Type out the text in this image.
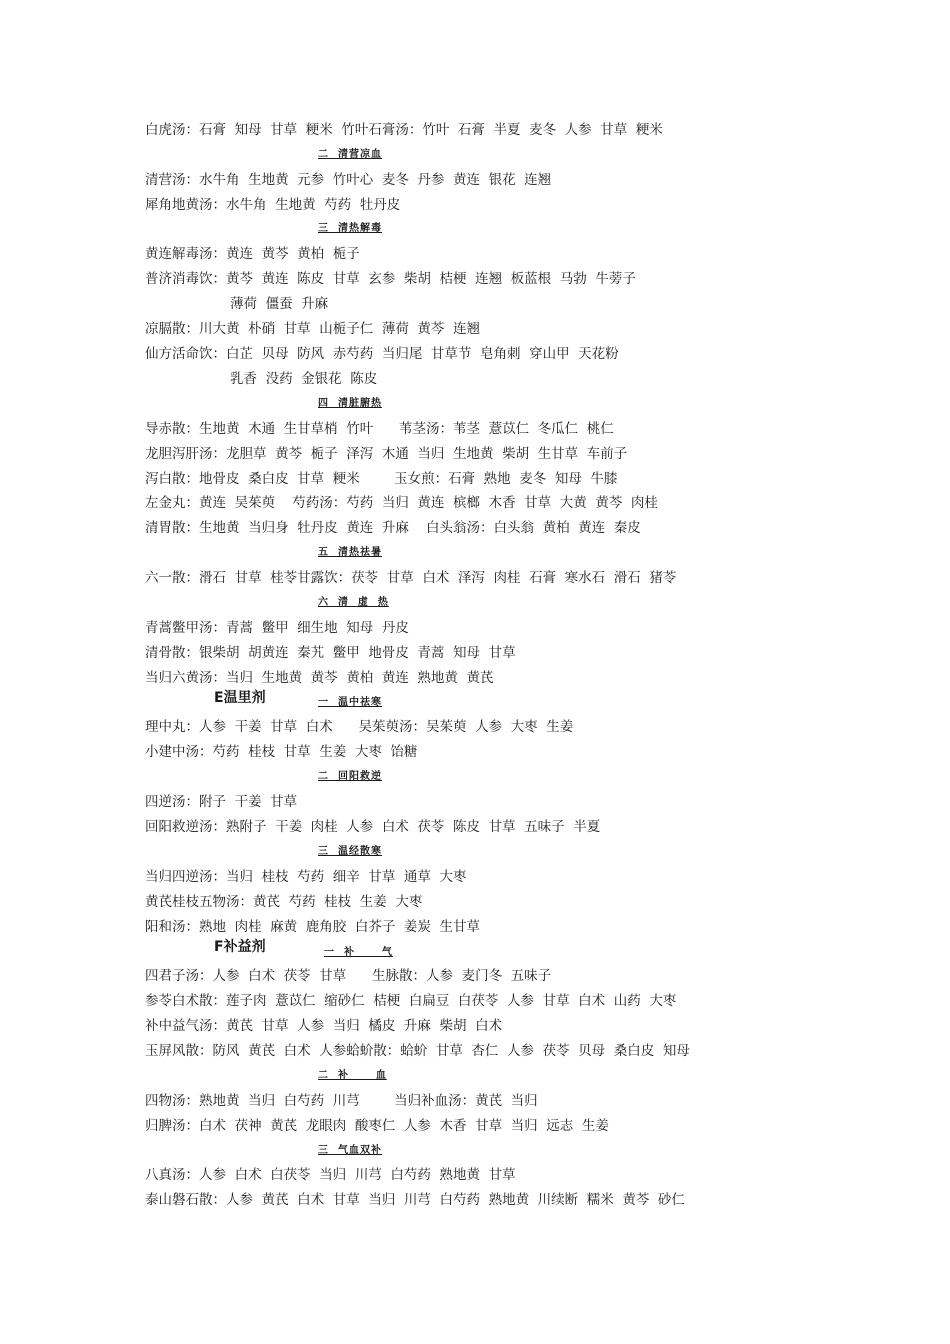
白虎汤：石膏  知母  甘草  粳米  竹叶石膏汤：竹叶  石膏  半夏  麦冬  人参  甘草  粳米
二  清营凉血
清营汤：水牛角  生地黄  元参  竹叶心  麦冬  丹参  黄连  银花  连翘
犀角地黄汤：水牛角  生地黄  芍药  牡丹皮
三  清热解毒
黄连解毒汤：黄连  黄芩  黄柏  栀子
普济消毒饮：黄芩  黄连  陈皮  甘草  玄参  柴胡  桔梗  连翘  板蓝根  马勃  牛蒡子
薄荷  僵蚕  升麻
凉膈散：川大黄  朴硝  甘草  山栀子仁  薄荷  黄芩  连翘
仙方活命饮：白芷  贝母  防风  赤芍药  当归尾  甘草节  皂角刺  穿山甲  天花粉
乳香  没药  金银花  陈皮
四  清脏腑热
导赤散：生地黄  木通  生甘草梢  竹叶      苇茎汤：苇茎  薏苡仁  冬瓜仁  桃仁
龙胆泻肝汤：龙胆草  黄芩  栀子  泽泻  木通  当归  生地黄  柴胡  生甘草  车前子
泻白散：地骨皮  桑白皮  甘草  粳米        玉女煎：石膏  熟地  麦冬  知母  牛膝
左金丸：黄连  吴茱萸    芍药汤：芍药  当归  黄连  槟榔  木香  甘草  大黄  黄芩  肉桂
清胃散：生地黄  当归身  牡丹皮  黄连  升麻    白头翁汤：白头翁  黄柏  黄连  秦皮
五  清热祛暑
六一散：滑石  甘草  桂苓甘露饮：茯苓  甘草  白术  泽泻  肉桂  石膏  寒水石  滑石  猪苓
六  清  虚  热
青蒿鳖甲汤：青蒿  鳖甲  细生地  知母  丹皮
清骨散：银柴胡  胡黄连  秦艽  鳖甲  地骨皮  青蒿  知母  甘草
当归六黄汤：当归  生地黄  黄芩  黄柏  黄连  熟地黄  黄芪
E温里剂	一  温中祛寒
理中丸：人参  干姜  甘草  白术      吴茱萸汤：吴茱萸  人参  大枣  生姜
小建中汤：芍药  桂枝  甘草  生姜  大枣  饴糖
二  回阳救逆
四逆汤：附子  干姜  甘草
回阳救逆汤：熟附子  干姜  肉桂  人参  白术  茯苓  陈皮  甘草  五味子  半夏
三  温经散寒
当归四逆汤：当归  桂枝  芍药  细辛  甘草  通草  大枣
黄芪桂枝五物汤：黄芪  芍药  桂枝  生姜  大枣
阳和汤：熟地  肉桂  麻黄  鹿角胶  白芥子  姜炭  生甘草
F补益剂	一  补      气
四君子汤：人参  白术  茯苓  甘草      生脉散：人参  麦门冬  五味子
参苓白术散：莲子肉  薏苡仁  缩砂仁  桔梗  白扁豆  白茯苓  人参  甘草  白术  山药  大枣
补中益气汤：黄芪  甘草  人参  当归  橘皮  升麻  柴胡  白术
玉屏风散：防风  黄芪  白术  人参蛤蚧散：蛤蚧  甘草  杏仁  人参  茯苓  贝母  桑白皮  知母
二  补      血
四物汤：熟地黄  当归  白芍药  川芎        当归补血汤：黄芪  当归
归脾汤：白术  茯神  黄芪  龙眼肉  酸枣仁  人参  木香  甘草  当归  远志  生姜
三  气血双补
八真汤：人参  白术  白茯苓  当归  川芎  白芍药  熟地黄  甘草
泰山磐石散：人参  黄芪  白术  甘草  当归  川芎  白芍药  熟地黄  川续断  糯米  黄芩  砂仁
